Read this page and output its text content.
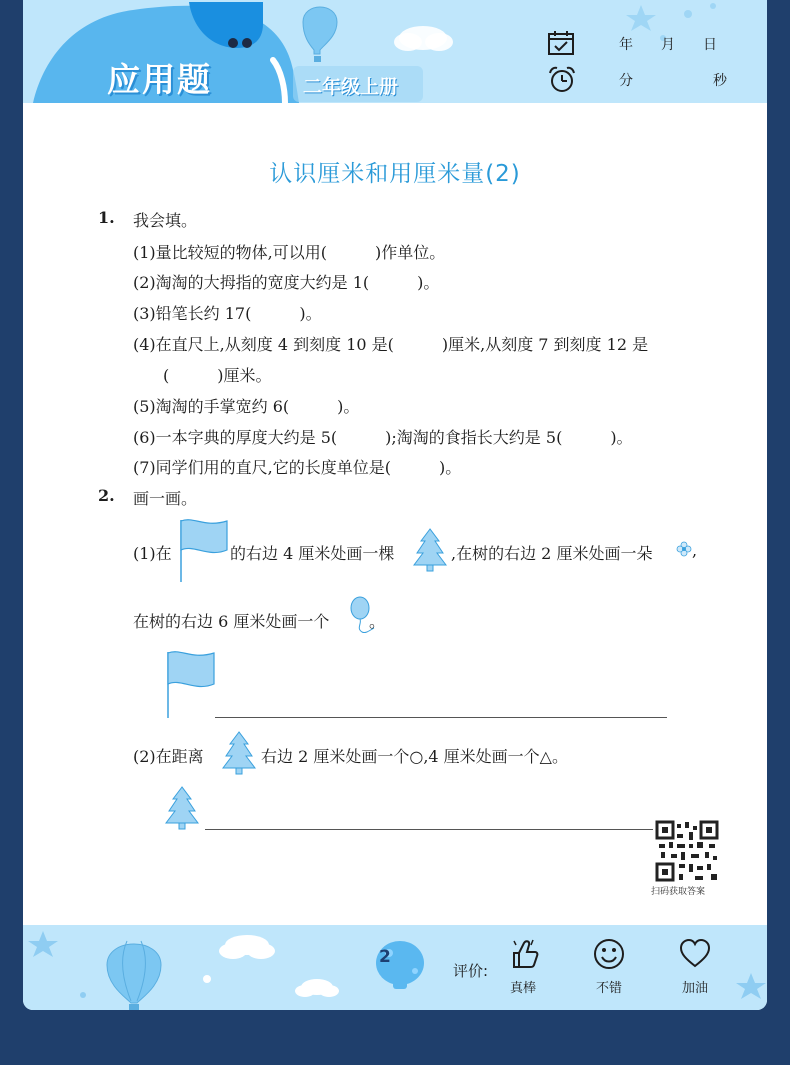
应用题	二年级上册
年 月 日
分	秒
认识厘米和用厘米量(2)
1. 我会填。
(1)量比较短的物体,可以用(　　　)作单位。
(2)淘淘的大拇指的宽度大约是 1(　　　)。
(3)铅笔长约 17(　　　)。
(4)在直尺上,从刻度 4 到刻度 10 是(　　　)厘米,从刻度 7 到刻度 12 是
(　　　)厘米。
(5)淘淘的手掌宽约 6(　　　)。
(6)一本字典的厚度大约是 5(　　　);淘淘的食指长大约是 5(　　　)。
(7)同学们用的直尺,它的长度单位是(　　　)。
2. 画一画。
(1)在	的右边 4 厘米处画一棵	,在树的右边 2 厘米处画一朵 ,
在树的右边 6 厘米处画一个 。
(2)在距离	右边 2 厘米处画一个○,4 厘米处画一个△。
扫码获取答案
2
评价:
真棒	不错	加油
